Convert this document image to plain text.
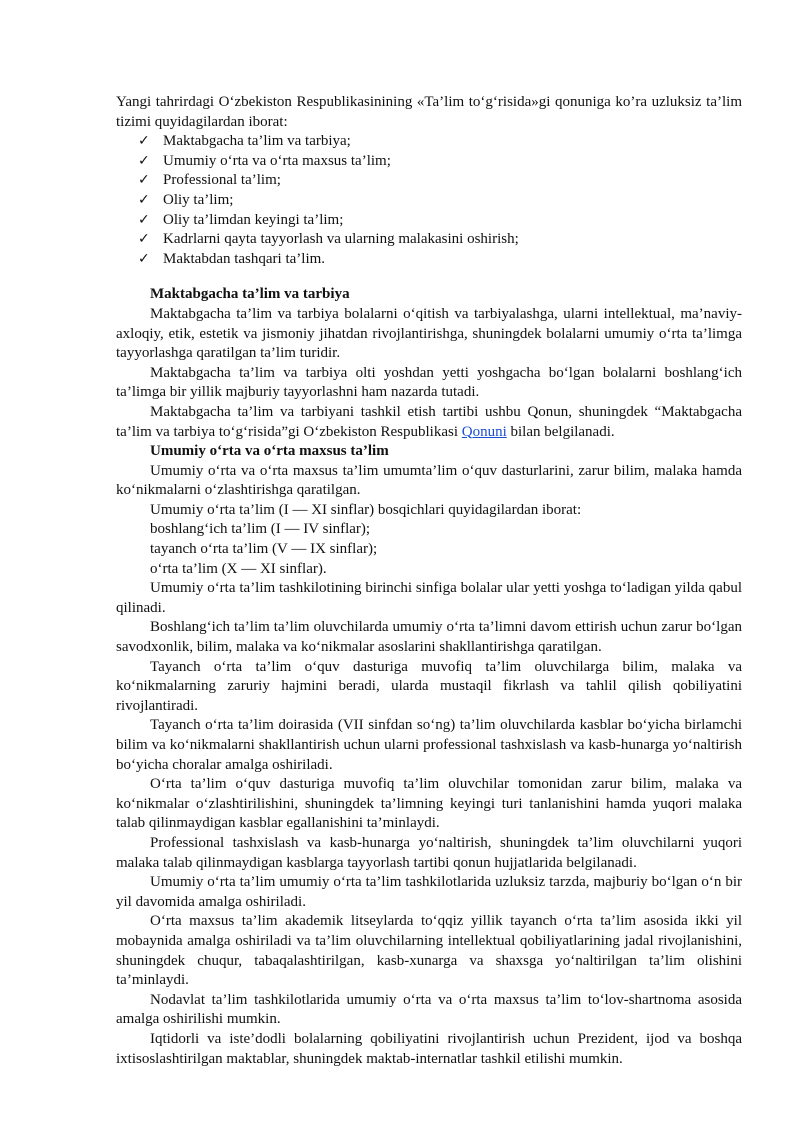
Yangi tahrirdagi O‘zbekiston Respublikasinining «Ta’lim to‘g‘risida»gi qonuniga ko’ra uzluksiz ta’lim tizimi quyidagilardan iborat:

✓ Maktabgacha ta’lim va tarbiya;
✓ Umumiy o‘rta va o‘rta maxsus ta’lim;
✓ Professional ta’lim;
✓ Oliy ta’lim;
✓ Oliy ta’limdan keyingi ta’lim;
✓ Kadrlarni qayta tayyorlash va ularning malakasini oshirish;
✓ Maktabdan tashqari ta’lim.

Maktabgacha ta’lim va tarbiya

Maktabgacha ta’lim va tarbiya bolalarni o‘qitish va tarbiyalashga, ularni intellektual, ma’naviy-axloqiy, etik, estetik va jismoniy jihatdan rivojlantirishga, shuningdek bolalarni umumiy o‘rta ta’limga tayyorlashga qaratilgan ta’lim turidir.

Maktabgacha ta’lim va tarbiya olti yoshdan yetti yoshgacha bo‘lgan bolalarni boshlang‘ich ta’limga bir yillik majburiy tayyorlashni ham nazarda tutadi.

Maktabgacha ta’lim va tarbiyani tashkil etish tartibi ushbu Qonun, shuningdek “Maktabgacha ta’lim va tarbiya to‘g‘risida”gi O‘zbekiston Respublikasi Qonuni bilan belgilanadi.

Umumiy o‘rta va o‘rta maxsus ta’lim

Umumiy o‘rta va o‘rta maxsus ta’lim umumta’lim o‘quv dasturlarini, zarur bilim, malaka hamda ko‘nikmalarni o‘zlashtirishga qaratilgan.

Umumiy o‘rta ta’lim (I — XI sinflar) bosqichlari quyidagilardan iborat:

boshlang‘ich ta’lim (I — IV sinflar);

tayanch o‘rta ta’lim (V — IX sinflar);

o‘rta ta’lim (X — XI sinflar).

Umumiy o‘rta ta’lim tashkilotining birinchi sinfiga bolalar ular yetti yoshga to‘ladigan yilda qabul qilinadi.

Boshlang‘ich ta’lim ta’lim oluvchilarda umumiy o‘rta ta’limni davom ettirish uchun zarur bo‘lgan savodxonlik, bilim, malaka va ko‘nikmalar asoslarini shakllantirishga qaratilgan.

Tayanch o‘rta ta’lim o‘quv dasturiga muvofiq ta’lim oluvchilarga bilim, malaka va ko‘nikmalarning zaruriy hajmini beradi, ularda mustaqil fikrlash va tahlil qilish qobiliyatini rivojlantiradi.

Tayanch o‘rta ta’lim doirasida (VII sinfdan so‘ng) ta’lim oluvchilarda kasblar bo‘yicha birlamchi bilim va ko‘nikmalarni shakllantirish uchun ularni professional tashxislash va kasb-hunarga yo‘naltirish bo‘yicha choralar amalga oshiriladi.

O‘rta ta’lim o‘quv dasturiga muvofiq ta’lim oluvchilar tomonidan zarur bilim, malaka va ko‘nikmalar o‘zlashtirilishini, shuningdek ta’limning keyingi turi tanlanishini hamda yuqori malaka talab qilinmaydigan kasblar egallanishini ta’minlaydi.

Professional tashxislash va kasb-hunarga yo‘naltirish, shuningdek ta’lim oluvchilarni yuqori malaka talab qilinmaydigan kasblarga tayyorlash tartibi qonun hujjatlarida belgilanadi.

Umumiy o‘rta ta’lim umumiy o‘rta ta’lim tashkilotlarida uzluksiz tarzda, majburiy bo‘lgan o‘n bir yil davomida amalga oshiriladi.

O‘rta maxsus ta’lim akademik litseylarda to‘qqiz yillik tayanch o‘rta ta’lim asosida ikki yil mobaynida amalga oshiriladi va ta’lim oluvchilarning intellektual qobiliyatlarining jadal rivojlanishini, shuningdek chuqur, tabaqalashtirilgan, kasb-xunarga va shaxsga yo‘naltirilgan ta’lim olishini ta’minlaydi.

Nodavlat ta’lim tashkilotlarida umumiy o‘rta va o‘rta maxsus ta’lim to‘lov-shartnoma asosida amalga oshirilishi mumkin.

Iqtidorli va iste’dodli bolalarning qobiliyatini rivojlantirish uchun Prezident, ijod va boshqa ixtisoslashtirilgan maktablar, shuningdek maktab-internatlar tashkil etilishi mumkin.
